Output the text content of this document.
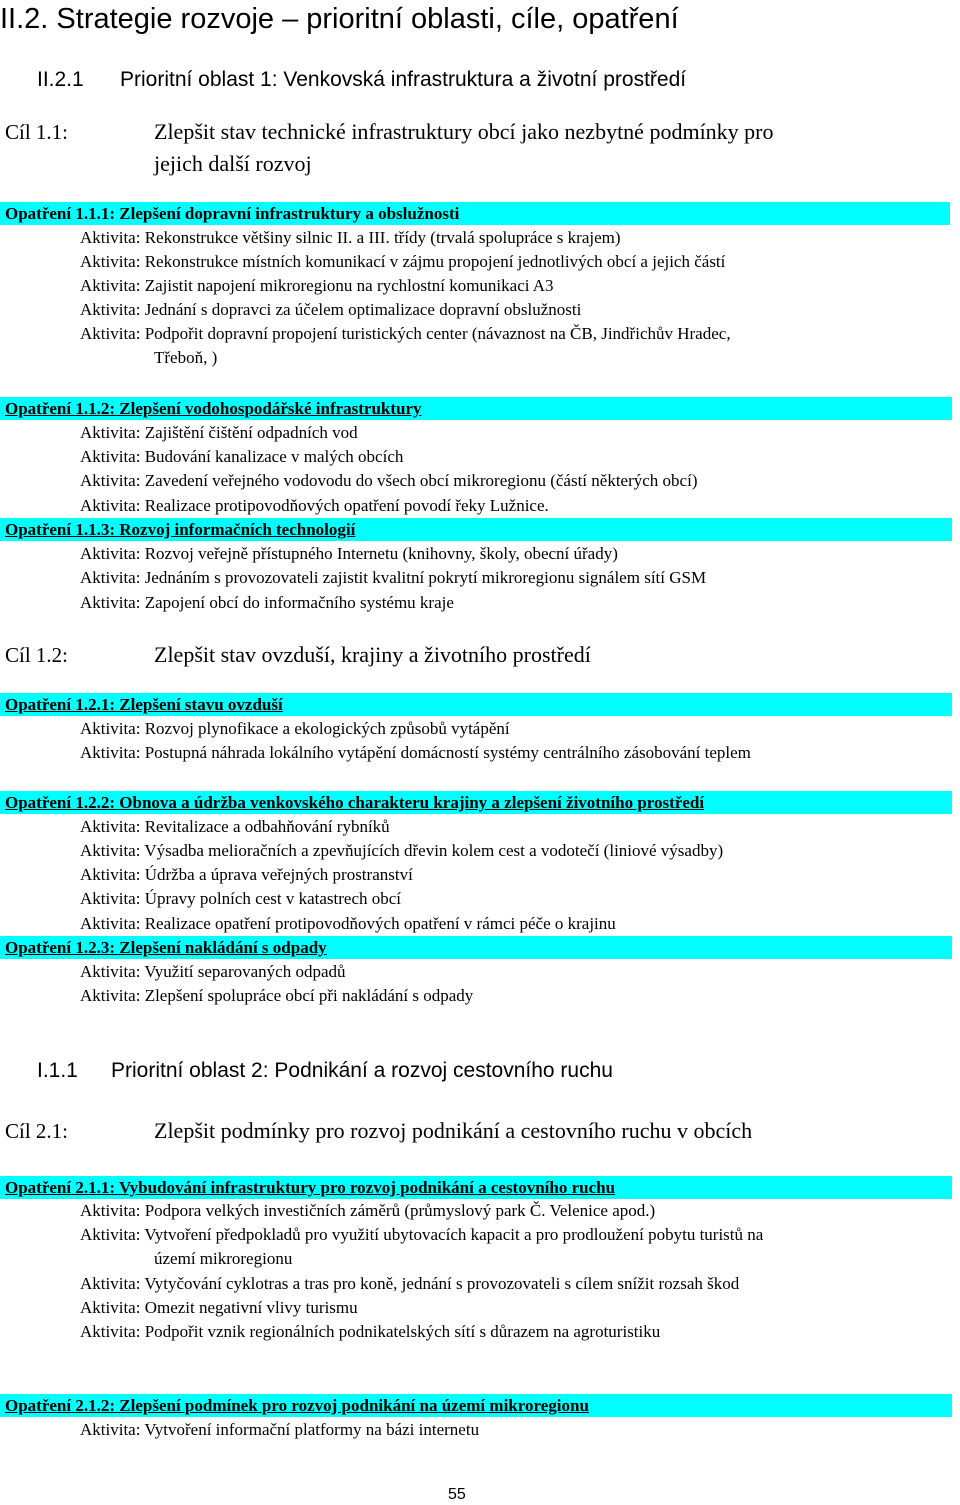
II.2. Strategie rozvoje – prioritní oblasti, cíle, opatření
II.2.1 Prioritní oblast 1: Venkovská infrastruktura a životní prostředí
Cíl 1.1:	Zlepšit stav technické infrastruktury obcí jako nezbytné podmínky pro
jejich další rozvoj
Opatření 1.1.1: Zlepšení dopravní infrastruktury a obslužnosti
Aktivita: Rekonstrukce většiny silnic II. a III. třídy (trvalá spolupráce s krajem)
Aktivita: Rekonstrukce místních komunikací v zájmu propojení jednotlivých obcí a jejich částí
Aktivita: Zajistit napojení mikroregionu na rychlostní komunikaci A3
Aktivita: Jednání s dopravci za účelem optimalizace dopravní obslužnosti
Aktivita: Podpořit dopravní propojení turistických center (návaznost na ČB, Jindřichův Hradec,
Třeboň, )
Opatření 1.1.2: Zlepšení vodohospodářské infrastruktury
Aktivita: Zajištění čištění odpadních vod
Aktivita: Budování kanalizace v malých obcích
Aktivita: Zavedení veřejného vodovodu do všech obcí mikroregionu (částí některých obcí)
Aktivita: Realizace protipovodňových opatření povodí řeky Lužnice.
Opatření 1.1.3: Rozvoj informačních technologií
Aktivita: Rozvoj veřejně přístupného Internetu (knihovny, školy, obecní úřady)
Aktivita: Jednáním s provozovateli zajistit kvalitní pokrytí mikroregionu signálem sítí GSM
Aktivita: Zapojení obcí do informačního systému kraje
Cíl 1.2:	Zlepšit stav ovzduší, krajiny a životního prostředí
Opatření 1.2.1: Zlepšení stavu ovzduší
Aktivita: Rozvoj plynofikace a ekologických způsobů vytápění
Aktivita: Postupná náhrada lokálního vytápění domácností systémy centrálního zásobování teplem
Opatření 1.2.2: Obnova a údržba venkovského charakteru krajiny a zlepšení životního prostředí
Aktivita: Revitalizace a odbahňování rybníků
Aktivita: Výsadba melioračních a zpevňujících dřevin kolem cest a vodotečí (liniové výsadby)
Aktivita: Údržba a úprava veřejných prostranství
Aktivita: Úpravy polních cest v katastrech obcí
Aktivita: Realizace opatření protipovodňových opatření v rámci péče o krajinu
Opatření 1.2.3: Zlepšení nakládání s odpady
Aktivita: Využití separovaných odpadů
Aktivita: Zlepšení spolupráce obcí při nakládání s odpady
I.1.1 Prioritní oblast 2: Podnikání a rozvoj cestovního ruchu
Cíl 2.1:	Zlepšit podmínky pro rozvoj podnikání a cestovního ruchu v obcích
Opatření 2.1.1: Vybudování infrastruktury pro rozvoj podnikání a cestovního ruchu
Aktivita: Podpora velkých investičních záměrů (průmyslový park Č. Velenice apod.)
Aktivita: Vytvoření předpokladů pro využití ubytovacích kapacit a pro prodloužení pobytu turistů na
území mikroregionu
Aktivita: Vytyčování cyklotras a tras pro koně, jednání s provozovateli s cílem snížit rozsah škod
Aktivita: Omezit negativní vlivy turismu
Aktivita: Podpořit vznik regionálních podnikatelských sítí s důrazem na agroturistiku
Opatření 2.1.2: Zlepšení podmínek pro rozvoj podnikání na území mikroregionu
Aktivita: Vytvoření informační platformy na bázi internetu
55
